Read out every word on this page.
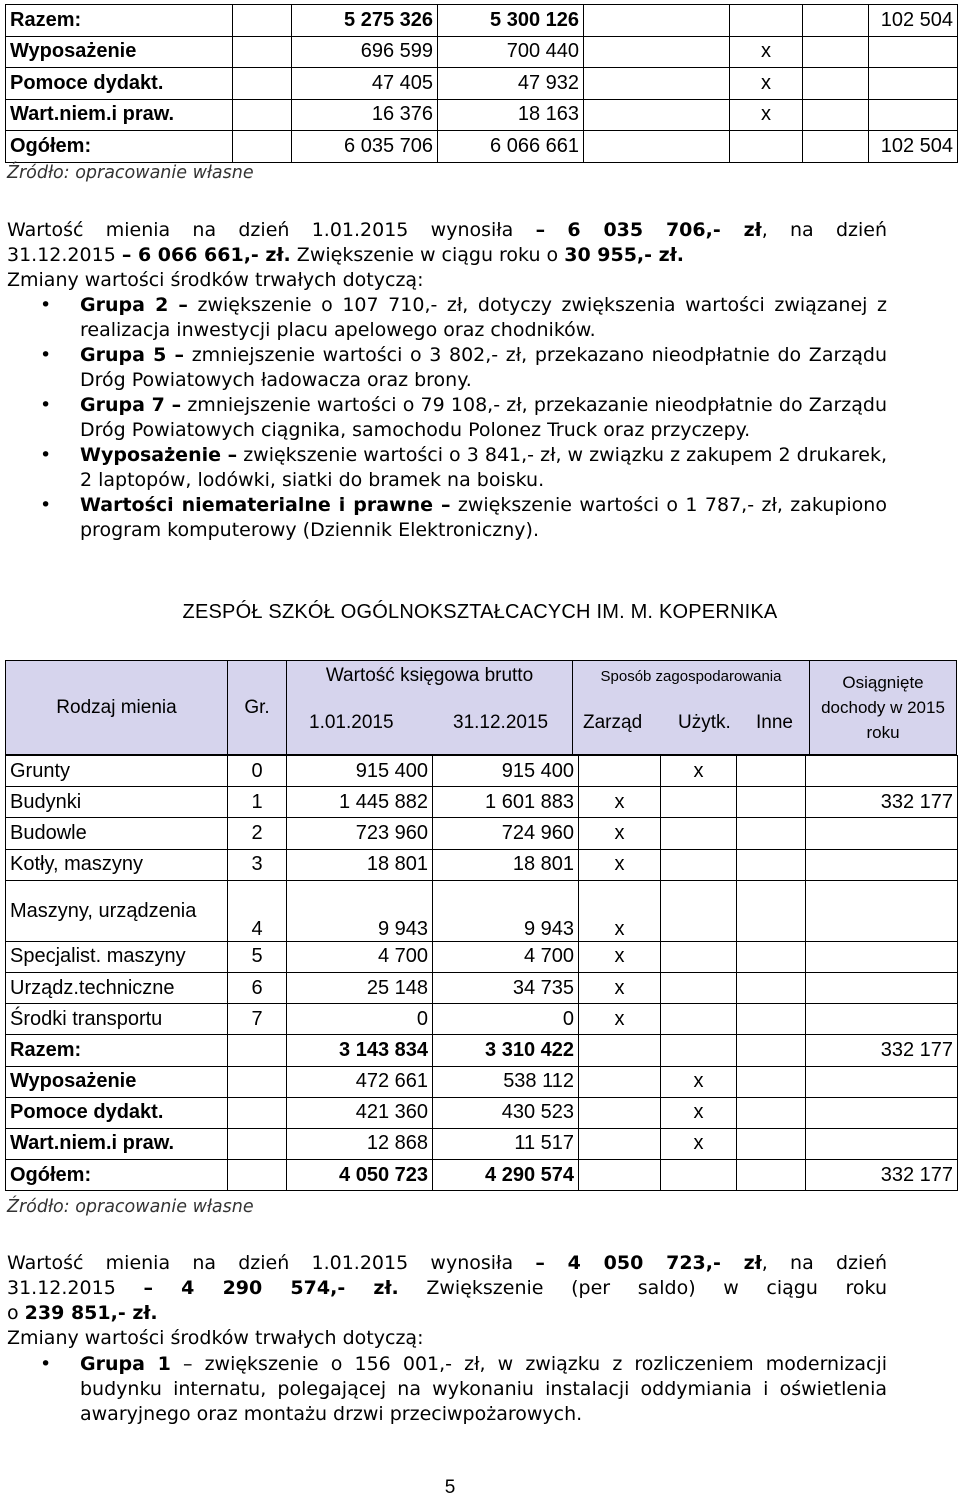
Razem:		5 275 326	5 300 126				102 504
Wyposażenie		696 599	700 440		x		
Pomoce dydakt.		47 405	47 932		x		
Wart.niem.i praw.		16 376	18 163		x		
Ogółem:		6 035 706	6 066 661				102 504
Źródło: opracowanie własne
Wartość mienia na dzień 1.01.2015 wynosiła – 6 035 706,- zł, na dzień
31.12.2015 – 6 066 661,- zł. Zwiększenie w ciągu roku o 30 955,- zł.
Zmiany wartości środków trwałych dotyczą:
• Grupa 2 – zwiększenie o 107 710,- zł, dotyczy zwiększenia wartości związanej z realizacja inwestycji placu apelowego oraz chodników.
• Grupa 5 – zmniejszenie wartości o 3 802,- zł, przekazano nieodpłatnie do Zarządu Dróg Powiatowych ładowacza oraz brony.
• Grupa 7 – zmniejszenie wartości o 79 108,- zł, przekazanie nieodpłatnie do Zarządu Dróg Powiatowych ciągnika, samochodu Polonez Truck oraz przyczepy.
• Wyposażenie – zwiększenie wartości o 3 841,- zł, w związku z zakupem 2 drukarek, 2 laptopów, lodówki, siatki do bramek na boisku.
• Wartości niematerialne i prawne – zwiększenie wartości o 1 787,- zł, zakupiono program komputerowy (Dziennik Elektroniczny).
ZESPÓŁ SZKÓŁ OGÓLNOKSZTAŁCACYCH IM. M. KOPERNIKA
Rodzaj mienia	Gr.
Wartość księgowa brutto	Sposób zagospodarowania
1.01.2015	31.12.2015 Zarząd Użytk. Inne
Osiągnięte dochody w 2015 roku
Grunty	0	915 400	915 400		x		
Budynki	1	1 445 882	1 601 883	x			332 177
Budowle	2	723 960	724 960	x			
Kotły, maszyny	3	18 801	18 801	x			
Maszyny, urządzenia	4	9 943	9 943	x			
Specjalist. maszyny	5	4 700	4 700	x			
Urządz.techniczne	6	25 148	34 735	x			
Środki transportu	7	0	0	x			
Razem:		3 143 834	3 310 422				332 177
Wyposażenie		472 661	538 112		x		
Pomoce dydakt.		421 360	430 523		x		
Wart.niem.i praw.		12 868	11 517		x		
Ogółem:		4 050 723	4 290 574				332 177
Źródło: opracowanie własne
Wartość mienia na dzień 1.01.2015 wynosiła – 4 050 723,- zł, na dzień
31.12.2015 – 4 290 574,- zł. Zwiększenie (per saldo) w ciągu roku
o 239 851,- zł.
Zmiany wartości środków trwałych dotyczą:
• Grupa 1 – zwiększenie o 156 001,- zł, w związku z rozliczeniem modernizacji budynku internatu, polegającej na wykonaniu instalacji oddymiania i oświetlenia awaryjnego oraz montażu drzwi przeciwpożarowych.
5
